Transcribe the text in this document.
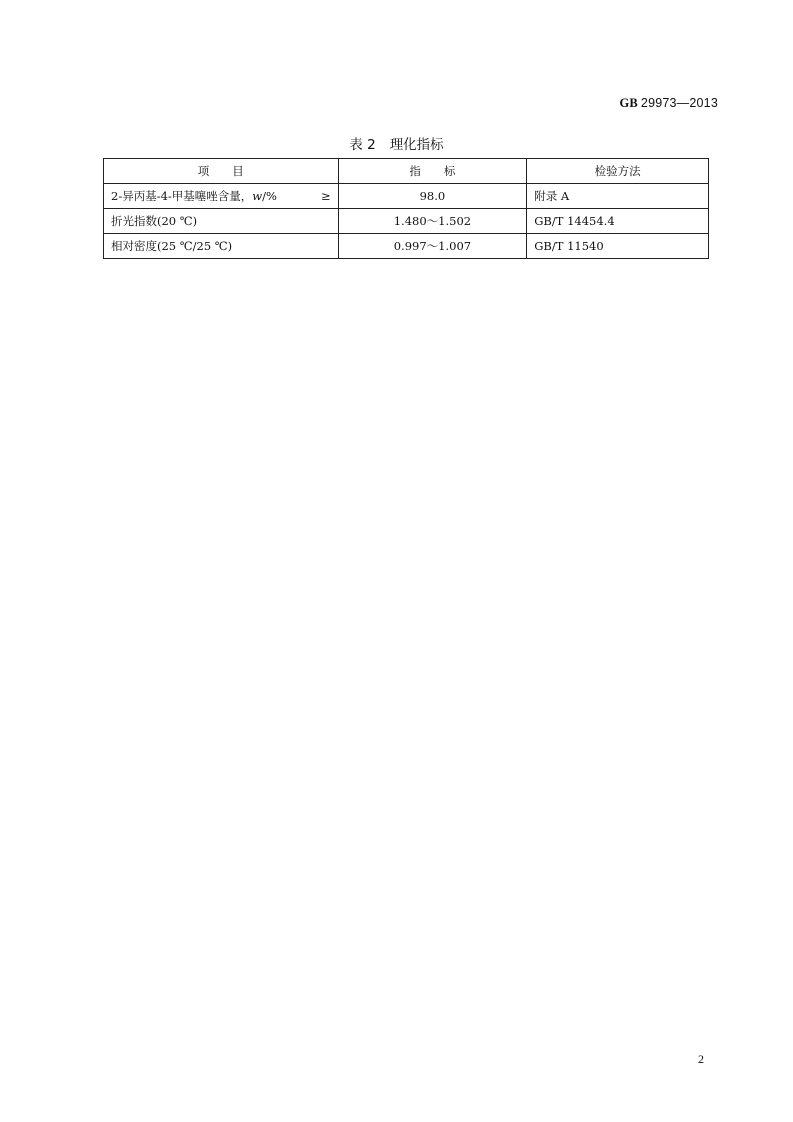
GB 29973—2013
表 2 理化指标
项　　目	指　　标	检验方法

2-异丙基-4-甲基噻唑含量，w/% ≥	98.0	附录 A
折光指数(20 ℃)	1.480～1.502	GB/T 14454.4
相对密度(25 ℃/25 ℃)	0.997～1.007	GB/T 11540
2
